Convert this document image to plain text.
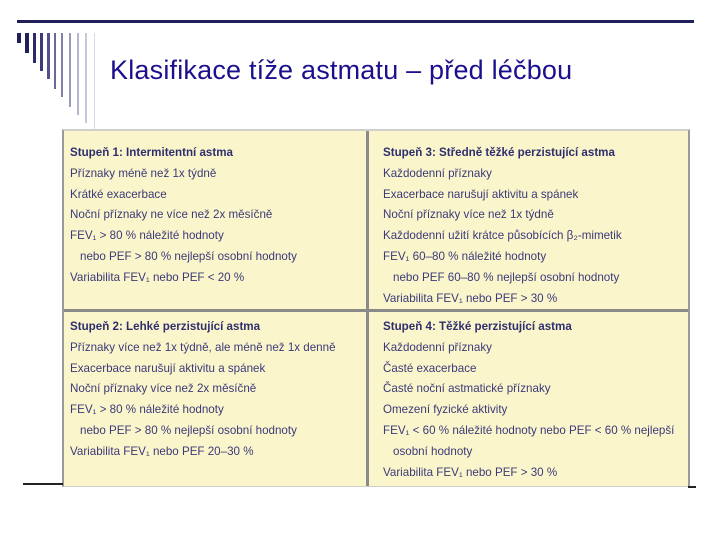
Klasifikace tíže astmatu – před léčbou
Stupeň 1: Intermitentní astma
Příznaky méně než 1x týdně
Krátké exacerbace
Noční příznaky ne více než 2x měsíčně
FEV₁ > 80 % náležité hodnoty
nebo PEF > 80 % nejlepší osobní hodnoty
Variabilita FEV₁ nebo PEF < 20 %
Stupeň 3: Středně těžké perzistující astma
Každodenní příznaky
Exacerbace narušují aktivitu a spánek
Noční příznaky více než 1x týdně
Každodenní užití krátce působících β₂-mimetik
FEV₁ 60–80 % náležité hodnoty
nebo PEF 60–80 % nejlepší osobní hodnoty
Variabilita FEV₁ nebo PEF > 30 %
Stupeň 2: Lehké perzistující astma
Příznaky více než 1x týdně, ale méně než 1x denně
Exacerbace narušují aktivitu a spánek
Noční příznaky více než 2x měsíčně
FEV₁ > 80 % náležité hodnoty
nebo PEF > 80 % nejlepší osobní hodnoty
Variabilita FEV₁ nebo PEF 20–30 %
Stupeň 4: Těžké perzistující astma
Každodenní příznaky
Časté exacerbace
Časté noční astmatické příznaky
Omezení fyzické aktivity
FEV₁ < 60 % náležité hodnoty nebo PEF < 60 % nejlepší
osobní hodnoty
Variabilita FEV₁ nebo PEF > 30 %
